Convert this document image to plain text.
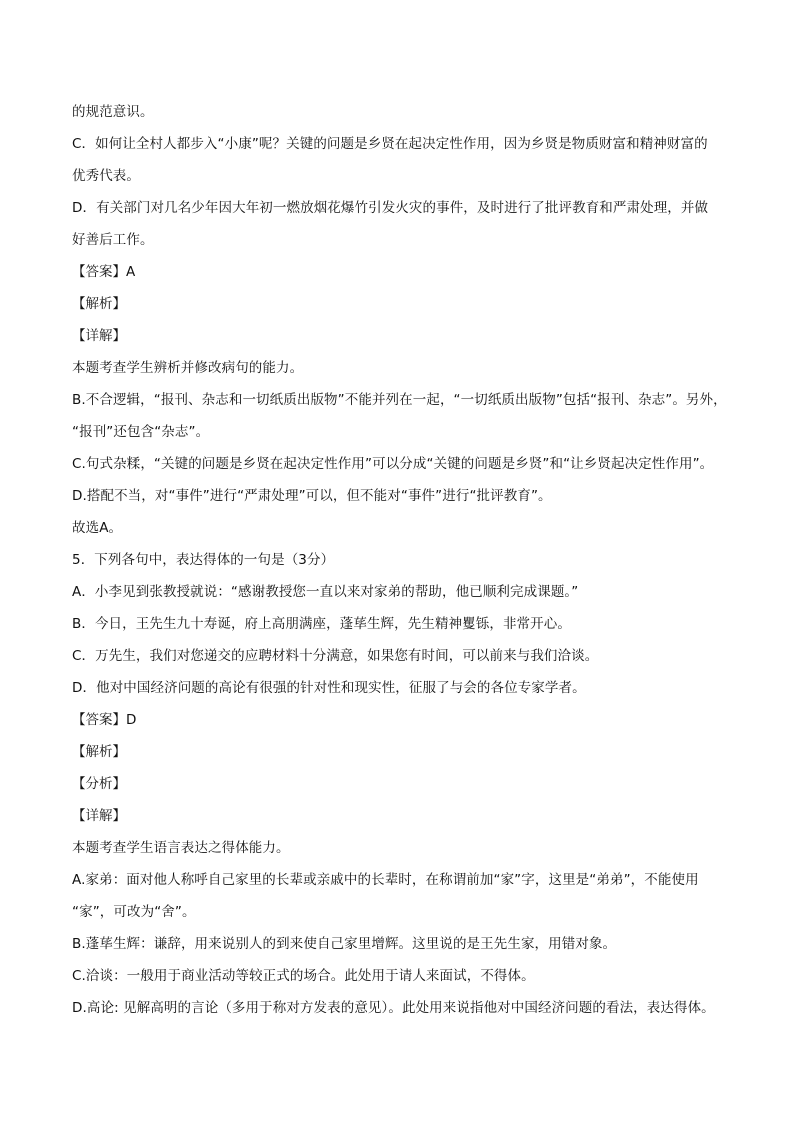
的规范意识。
C．如何让全村人都步入“小康”呢？关键的问题是乡贤在起决定性作用，因为乡贤是物质财富和精神财富的
优秀代表。
D．有关部门对几名少年因大年初一燃放烟花爆竹引发火灾的事件，及时进行了批评教育和严肃处理，并做
好善后工作。
【答案】A
【解析】
【详解】
本题考查学生辨析并修改病句的能力。
B.不合逻辑，“报刊、杂志和一切纸质出版物”不能并列在一起，“一切纸质出版物”包括“报刊、杂志”。另外，
“报刊”还包含“杂志”。
C.句式杂糅，“关键的问题是乡贤在起决定性作用”可以分成“关键的问题是乡贤”和“让乡贤起决定性作用”。
D.搭配不当，对“事件”进行“严肃处理”可以，但不能对“事件”进行“批评教育”。
故选A。
5．下列各句中，表达得体的一句是（3分）
A．小李见到张教授就说：“感谢教授您一直以来对家弟的帮助，他已顺利完成课题。”
B．今日，王先生九十寿诞，府上高朋满座，蓬荜生辉，先生精神矍铄，非常开心。
C．万先生，我们对您递交的应聘材料十分满意，如果您有时间，可以前来与我们洽谈。
D．他对中国经济问题的高论有很强的针对性和现实性，征服了与会的各位专家学者。
【答案】D
【解析】
【分析】
【详解】
本题考查学生语言表达之得体能力。
A.家弟：面对他人称呼自己家里的长辈或亲戚中的长辈时，在称谓前加“家”字，这里是“弟弟”，不能使用
“家”，可改为“舍”。
B.蓬荜生辉：谦辞，用来说别人的到来使自己家里增辉。这里说的是王先生家，用错对象。
C.洽谈：一般用于商业活动等较正式的场合。此处用于请人来面试，不得体。
D.高论: 见解高明的言论（多用于称对方发表的意见）。此处用来说指他对中国经济问题的看法，表达得体。
